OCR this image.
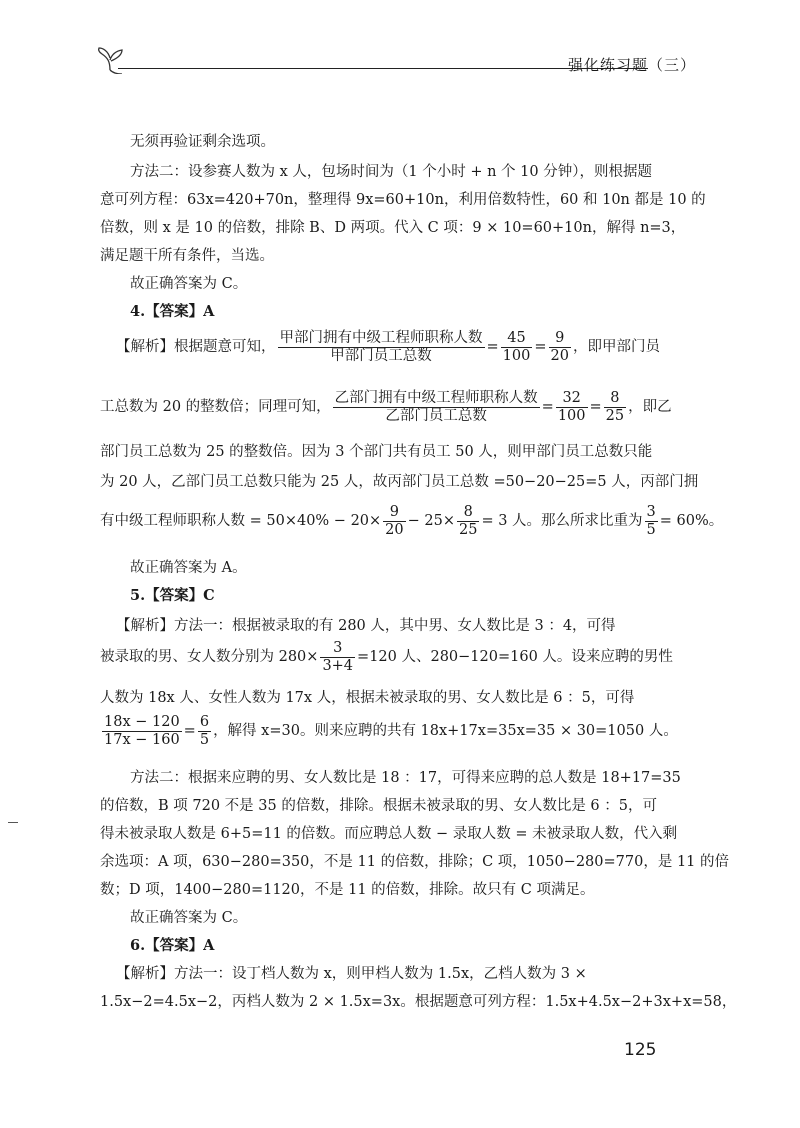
强化练习题（三）
无须再验证剩余选项。
方法二：设参赛人数为 x 人，包场时间为（1 个小时 + n 个 10 分钟），则根据题
意可列方程：63x=420+70n，整理得 9x=60+10n，利用倍数特性，60 和 10n 都是 10 的
倍数，则 x 是 10 的倍数，排除 B、D 两项。代入 C 项：9 × 10=60+10n，解得 n=3，
满足题干所有条件，当选。
故正确答案为 C。
4.【答案】A
【解析】根据题意可知， $\frac{\text{甲部门拥有中级工程师职称人数}}{\text{甲部门员工总数}} = \frac{45}{100} = \frac{9}{20}$ ，即甲部门员
工总数为 20 的整数倍；同理可知， $\frac{\text{乙部门拥有中级工程师职称人数}}{\text{乙部门员工总数}} = \frac{32}{100} = \frac{8}{25}$ ，即乙
部门员工总数为 25 的整数倍。因为 3 个部门共有员工 50 人，则甲部门员工总数只能
为 20 人，乙部门员工总数只能为 25 人，故丙部门员工总数 =50−20−25=5 人，丙部门拥
有中级工程师职称人数 = $50\times 40\% - 20\times \frac{9}{20} - 25\times \frac{8}{25} = 3$ 人。那么所求比重为 $\frac{3}{5} = 60\%$。
故正确答案为 A。
5.【答案】C
【解析】方法一：根据被录取的有 280 人，其中男、女人数比是 3 ：4，可得
被录取的男、女人数分别为 $280\times \frac{3}{3+4} =120$ 人、280−120=160 人。设来应聘的男性
人数为 18x 人、女性人数为 17x 人，根据未被录取的男、女人数比是 6 ：5，可得
$\frac{18x - 120}{17x - 160} = \frac{6}{5}$ ，解得 x=30。则来应聘的共有 18x+17x=35x=35 × 30=1050 人。
方法二：根据来应聘的男、女人数比是 18 ：17，可得来应聘的总人数是 18+17=35
的倍数，B 项 720 不是 35 的倍数，排除。根据未被录取的男、女人数比是 6 ：5，可
得未被录取人数是 6+5=11 的倍数。而应聘总人数 − 录取人数 = 未被录取人数，代入剩
余选项：A 项，630−280=350，不是 11 的倍数，排除；C 项，1050−280=770，是 11 的倍
数；D 项，1400−280=1120，不是 11 的倍数，排除。故只有 C 项满足。
故正确答案为 C。
6.【答案】A
【解析】方法一：设丁档人数为 x，则甲档人数为 1.5x，乙档人数为 3 ×
1.5x−2=4.5x−2，丙档人数为 2 × 1.5x=3x。根据题意可列方程：1.5x+4.5x−2+3x+x=58，
125
